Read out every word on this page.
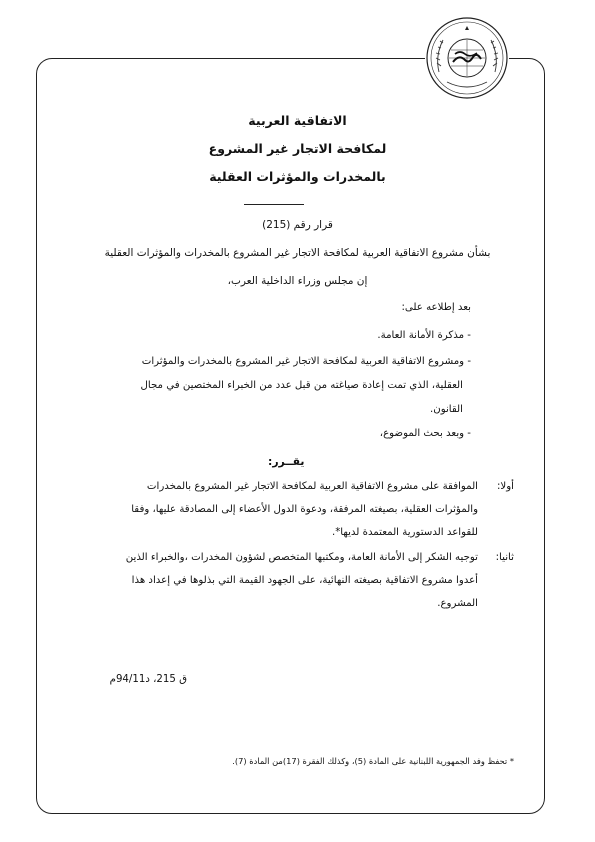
الاتفاقية العربية
لمكافحة الاتجار غير المشروع
بالمخدرات والمؤثرات العقلية
قرار رقم (215)
بشأن مشروع الاتفاقية العربية لمكافحة الاتجار غير المشروع بالمخدرات والمؤثرات العقلية
إن مجلس وزراء الداخلية العرب،
بعد إطلاعه على:
- مذكرة الأمانة العامة.
- ومشروع الاتفاقية العربية لمكافحة الاتجار غير المشروع بالمخدرات والمؤثرات
العقلية، الذي تمت إعادة صياغته من قبل عدد من الخبراء المختصين في مجال
القانون.
- وبعد بحث الموضوع،
يقــرر:
أولا:
الموافقة على مشروع الاتفاقية العربية لمكافحة الاتجار غير المشروع بالمخدرات
والمؤثرات العقلية، بصيغته المرفقة، ودعوة الدول الأعضاء إلى المصادقة عليها، وفقا
للقواعد الدستورية المعتمدة لديها*.
ثانيا:
توجيه الشكر إلى الأمانة العامة، ومكتبها المتخصص لشؤون المخدرات ،والخبراء الذين
أعدوا مشروع الاتفاقية بصيغته النهائية، على الجهود القيمة التي بذلوها في إعداد هذا
المشروع.
ق 215، د94/11م
* تحفظ وفد الجمهورية اللبنانية على المادة (5)، وكذلك الفقرة (17)من المادة (7).
